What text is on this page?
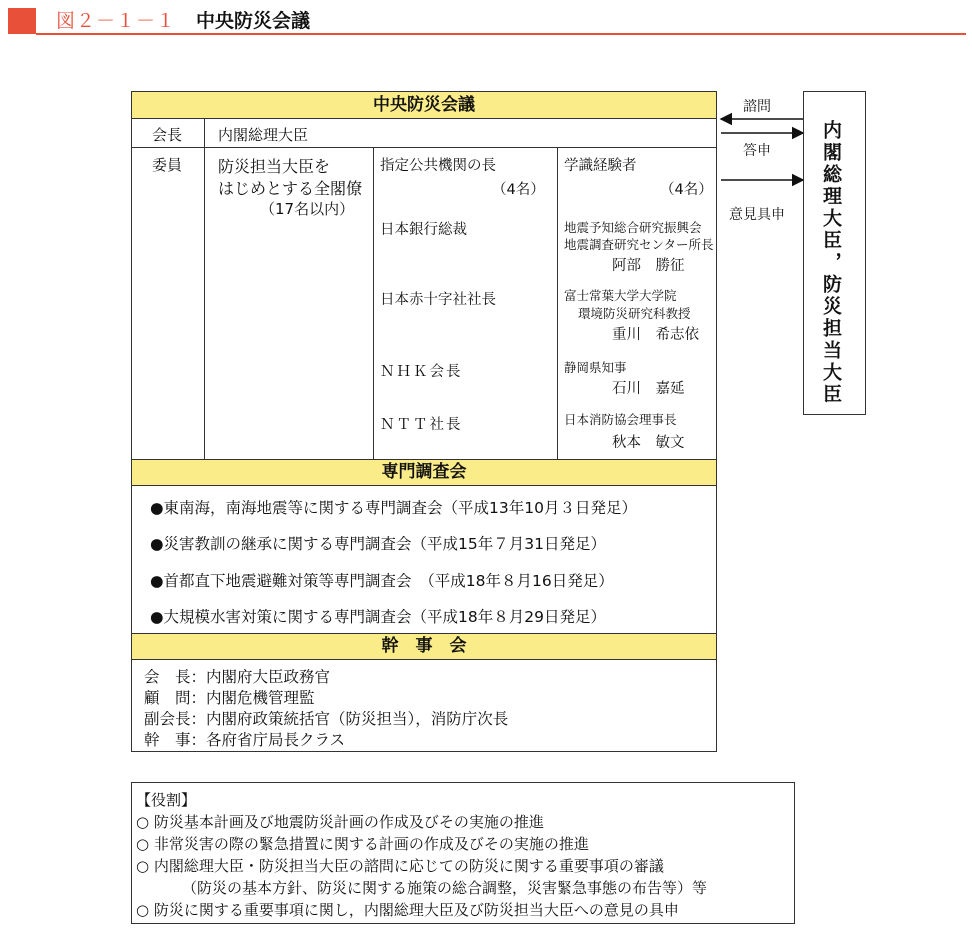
図２－１－１ 中央防災会議
中央防災会議
会長 内閣総理大臣
委員 防災担当大臣を
はじめとする全閣僚
（17名以内）
指定公共機関の長
（4名）
日本銀行総裁
日本赤十字社社長
ＮＨＫ会長
ＮＴＴ社長
学識経験者
（4名）
地震予知総合研究振興会
地震調査研究センター所長
阿部　勝征
富士常葉大学大学院
環境防災研究科教授
重川　希志依
静岡県知事
石川　嘉延
日本消防協会理事長
秋本　敏文
専門調査会
●東南海，南海地震等に関する専門調査会（平成13年10月３日発足）
●災害教訓の継承に関する専門調査会（平成15年７月31日発足）
●首都直下地震避難対策等専門調査会　（平成18年８月16日発足）
●大規模水害対策に関する専門調査会（平成18年８月29日発足）
幹　事　会
会　長：内閣府大臣政務官
顧　問：内閣危機管理監
副会長：内閣府政策統括官（防災担当），消防庁次長
幹　事：各府省庁局長クラス
諮問
答申
意見具申 内閣総理大臣，防災担当大臣
【役割】
○ 防災基本計画及び地震防災計画の作成及びその実施の推進
○ 非常災害の際の緊急措置に関する計画の作成及びその実施の推進
○ 内閣総理大臣・防災担当大臣の諮問に応じての防災に関する重要事項の審議
（防災の基本方針、防災に関する施策の総合調整，災害緊急事態の布告等）等
○ 防災に関する重要事項に関し，内閣総理大臣及び防災担当大臣への意見の具申
